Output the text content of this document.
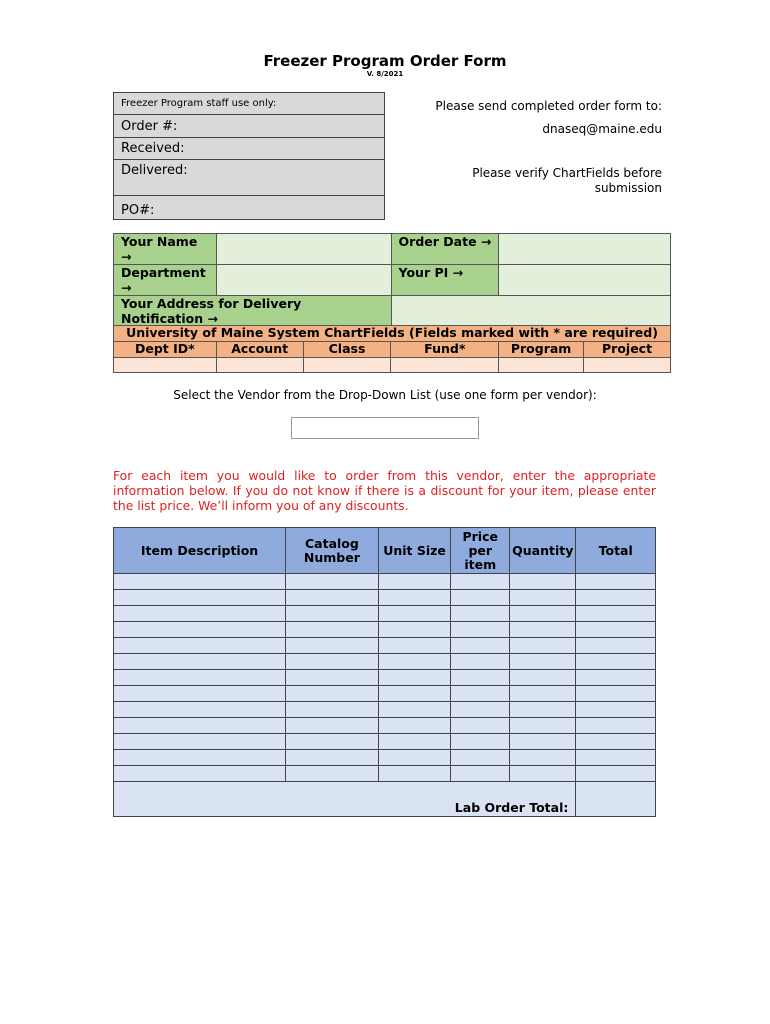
Freezer Program Order Form
V. 8/2021
Freezer Program staff use only:
Order #:
Received:
Delivered:
PO#:
Please send completed order form to:
dnaseq@maine.edu
Please verify ChartFields before
submission
Your Name →		Order Date →	
Department →		Your PI →	
Your Address for Delivery Notification →			
University of Maine System ChartFields (Fields marked with * are required)					
Dept ID*	Account	Class	Fund*	Program	Project

Select the Vendor from the Drop-Down List (use one form per vendor):
For each item you would like to order from this vendor, enter the appropriate information below. If you do not know if there is a discount for your item, please enter the list price. We’ll inform you of any discounts.
Item Description	Catalog Number	Unit Size	Price per item	Quantity	Total

Lab Order Total:					
